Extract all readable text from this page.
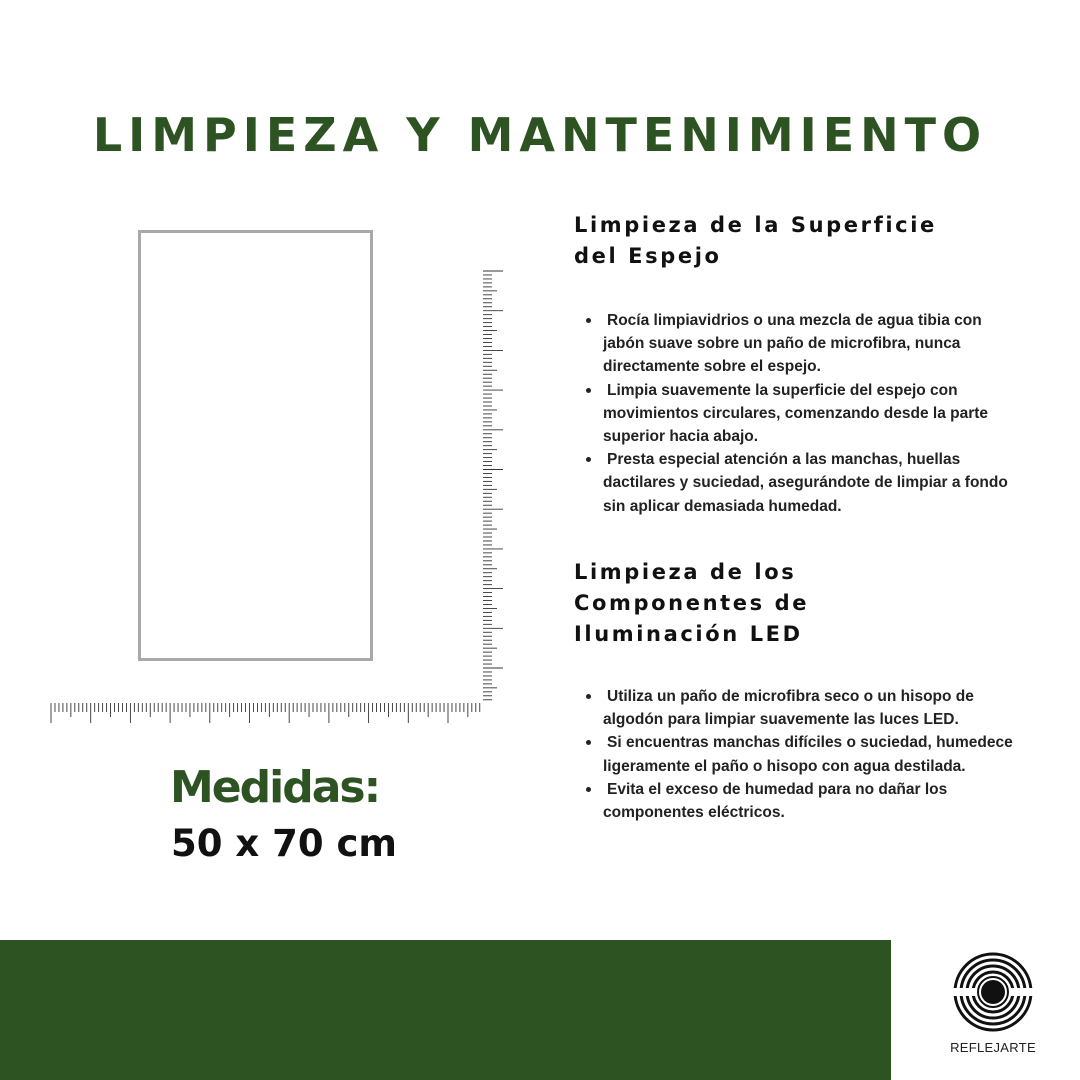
LIMPIEZA Y MANTENIMIENTO
Medidas:
50 x 70 cm
Limpieza de la Superficie
del Espejo
Rocía limpiavidrios o una mezcla de agua tibia con jabón suave sobre un paño de microfibra, nunca directamente sobre el espejo.
Limpia suavemente la superficie del espejo con movimientos circulares, comenzando desde la parte superior hacia abajo.
Presta especial atención a las manchas, huellas dactilares y suciedad, asegurándote de limpiar a fondo sin aplicar demasiada humedad.
Limpieza de los
Componentes de
Iluminación LED
Utiliza un paño de microfibra seco o un hisopo de algodón para limpiar suavemente las luces LED.
Si encuentras manchas difíciles o suciedad, humedece ligeramente el paño o hisopo con agua destilada.
Evita el exceso de humedad para no dañar los componentes eléctricos.
REFLEJARTE
